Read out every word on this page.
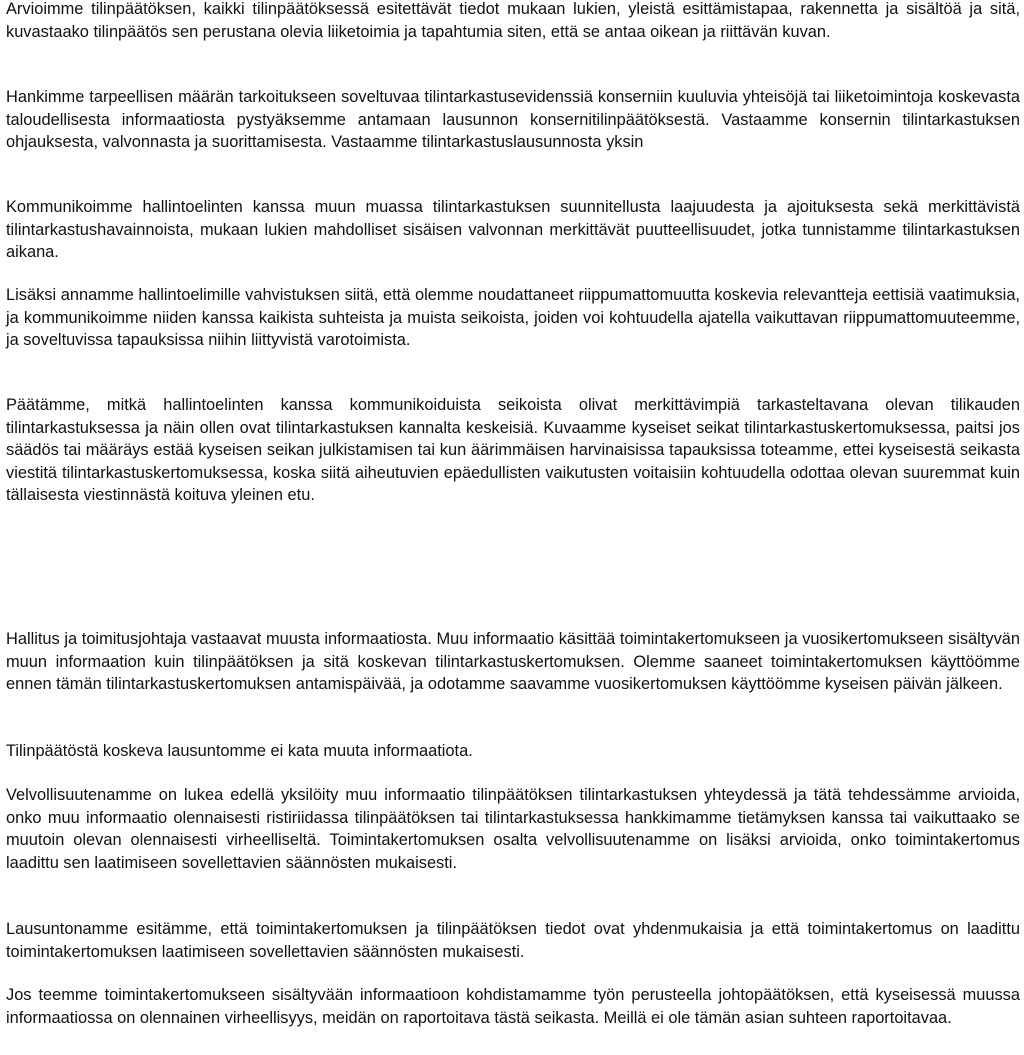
Arvioimme tilinpäätöksen, kaikki tilinpäätöksessä esitettävät tiedot mukaan lukien, yleistä esittämistapaa, rakennetta ja sisältöä ja sitä, kuvastaako tilinpäätös sen perustana olevia liiketoimia ja tapahtumia siten, että se antaa oikean ja riittävän kuvan.

Hankimme tarpeellisen määrän tarkoitukseen soveltuvaa tilintarkastusevidenssiä konserniin kuuluvia yhteisöjä tai liiketoimintoja koskevasta taloudellisesta informaatiosta pystyäksemme antamaan lausunnon konsernitilinpäätöksestä. Vastaamme konsernin tilintarkastuksen ohjauksesta, valvonnasta ja suorittamisesta. Vastaamme tilintarkastuslausunnosta yksin

Kommunikoimme hallintoelinten kanssa muun muassa tilintarkastuksen suunnitellusta laajuudesta ja ajoituksesta sekä merkittävistä tilintarkastushavainnoista, mukaan lukien mahdolliset sisäisen valvonnan merkittävät puutteellisuudet, jotka tunnistamme tilintarkastuksen aikana.

Lisäksi annamme hallintoelimille vahvistuksen siitä, että olemme noudattaneet riippumattomuutta koskevia relevantteja eettisiä vaatimuksia, ja kommunikoimme niiden kanssa kaikista suhteista ja muista seikoista, joiden voi kohtuudella ajatella vaikuttavan riippumattomuuteemme, ja soveltuvissa tapauksissa niihin liittyvistä varotoimista.

Päätämme, mitkä hallintoelinten kanssa kommunikoiduista seikoista olivat merkittävimpiä tarkasteltavana olevan tilikauden tilintarkastuksessa ja näin ollen ovat tilintarkastuksen kannalta keskeisiä. Kuvaamme kyseiset seikat tilintarkastuskertomuksessa, paitsi jos säädös tai määräys estää kyseisen seikan julkistamisen tai kun äärimmäisen harvinaisissa tapauksissa toteamme, ettei kyseisestä seikasta viestitä tilintarkastuskertomuksessa, koska siitä aiheutuvien epäedullisten vaikutusten voitaisiin kohtuudella odottaa olevan suuremmat kuin tällaisesta viestinnästä koituva yleinen etu.

Hallitus ja toimitusjohtaja vastaavat muusta informaatiosta. Muu informaatio käsittää toimintakertomukseen ja vuosikertomukseen sisältyvän muun informaation kuin tilinpäätöksen ja sitä koskevan tilintarkastuskertomuksen. Olemme saaneet toimintakertomuksen käyttöömme ennen tämän tilintarkastuskertomuksen antamispäivää, ja odotamme saavamme vuosikertomuksen käyttöömme kyseisen päivän jälkeen.

Tilinpäätöstä koskeva lausuntomme ei kata muuta informaatiota.

Velvollisuutenamme on lukea edellä yksilöity muu informaatio tilinpäätöksen tilintarkastuksen yhteydessä ja tätä tehdessämme arvioida, onko muu informaatio olennaisesti ristiriidassa tilinpäätöksen tai tilintarkastuksessa hankkimamme tietämyksen kanssa tai vaikuttaako se muutoin olevan olennaisesti virheelliseltä. Toimintakertomuksen osalta velvollisuutenamme on lisäksi arvioida, onko toimintakertomus laadittu sen laatimiseen sovellettavien säännösten mukaisesti.

Lausuntonamme esitämme, että toimintakertomuksen ja tilinpäätöksen tiedot ovat yhdenmukaisia ja että toimintakertomus on laadittu toimintakertomuksen laatimiseen sovellettavien säännösten mukaisesti.

Jos teemme toimintakertomukseen sisältyvään informaatioon kohdistamamme työn perusteella johtopäätöksen, että kyseisessä muussa informaatiossa on olennainen virheellisyys, meidän on raportoitava tästä seikasta. Meillä ei ole tämän asian suhteen raportoitavaa.
